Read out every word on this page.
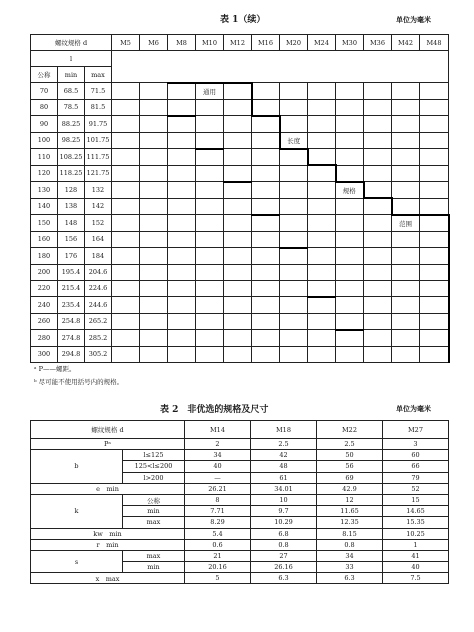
表 1（续）	单位为毫米
螺纹规格 d			M5	M6	M8	M10	M12	M16	M20	M24	M30	M36	M42	M48
l														
公称	min	max												
70	68.5	71.5				通用								
80	78.5	81.5												
90	88.25	91.75												
100	98.25	101.75							长度					
110	108.25	111.75												
120	118.25	121.75												
130	128	132									规格			
140	138	142												
150	148	152											范围	
160	156	164												
180	176	184												
200	195.4	204.6												
220	215.4	224.6												
240	235.4	244.6												
260	254.8	265.2												
280	274.8	285.2												
300	294.8	305.2												
ᵃ P——螺距。
ᵇ 尽可能不使用括号内的规格。
表 2　非优选的规格及尺寸	单位为毫米
螺纹规格 d		M14	M18	M22	M27
Pᵃ		2	2.5	2.5	3
b	l≤125	34	42	50	60
	125<l≤200	40	48	56	66
	l>200	—	61	69	79
e　min		26.21	34.01	42.9	52
k	公称	8	10	12	15
	min	7.71	9.7	11.65	14.65
	max	8.29	10.29	12.35	15.35
kw　min		5.4	6.8	8.15	10.25
r　min		0.6	0.8	0.8	1
s	max	21	27	34	41
	min	20.16	26.16	33	40
x　max		5	6.3	6.3	7.5
